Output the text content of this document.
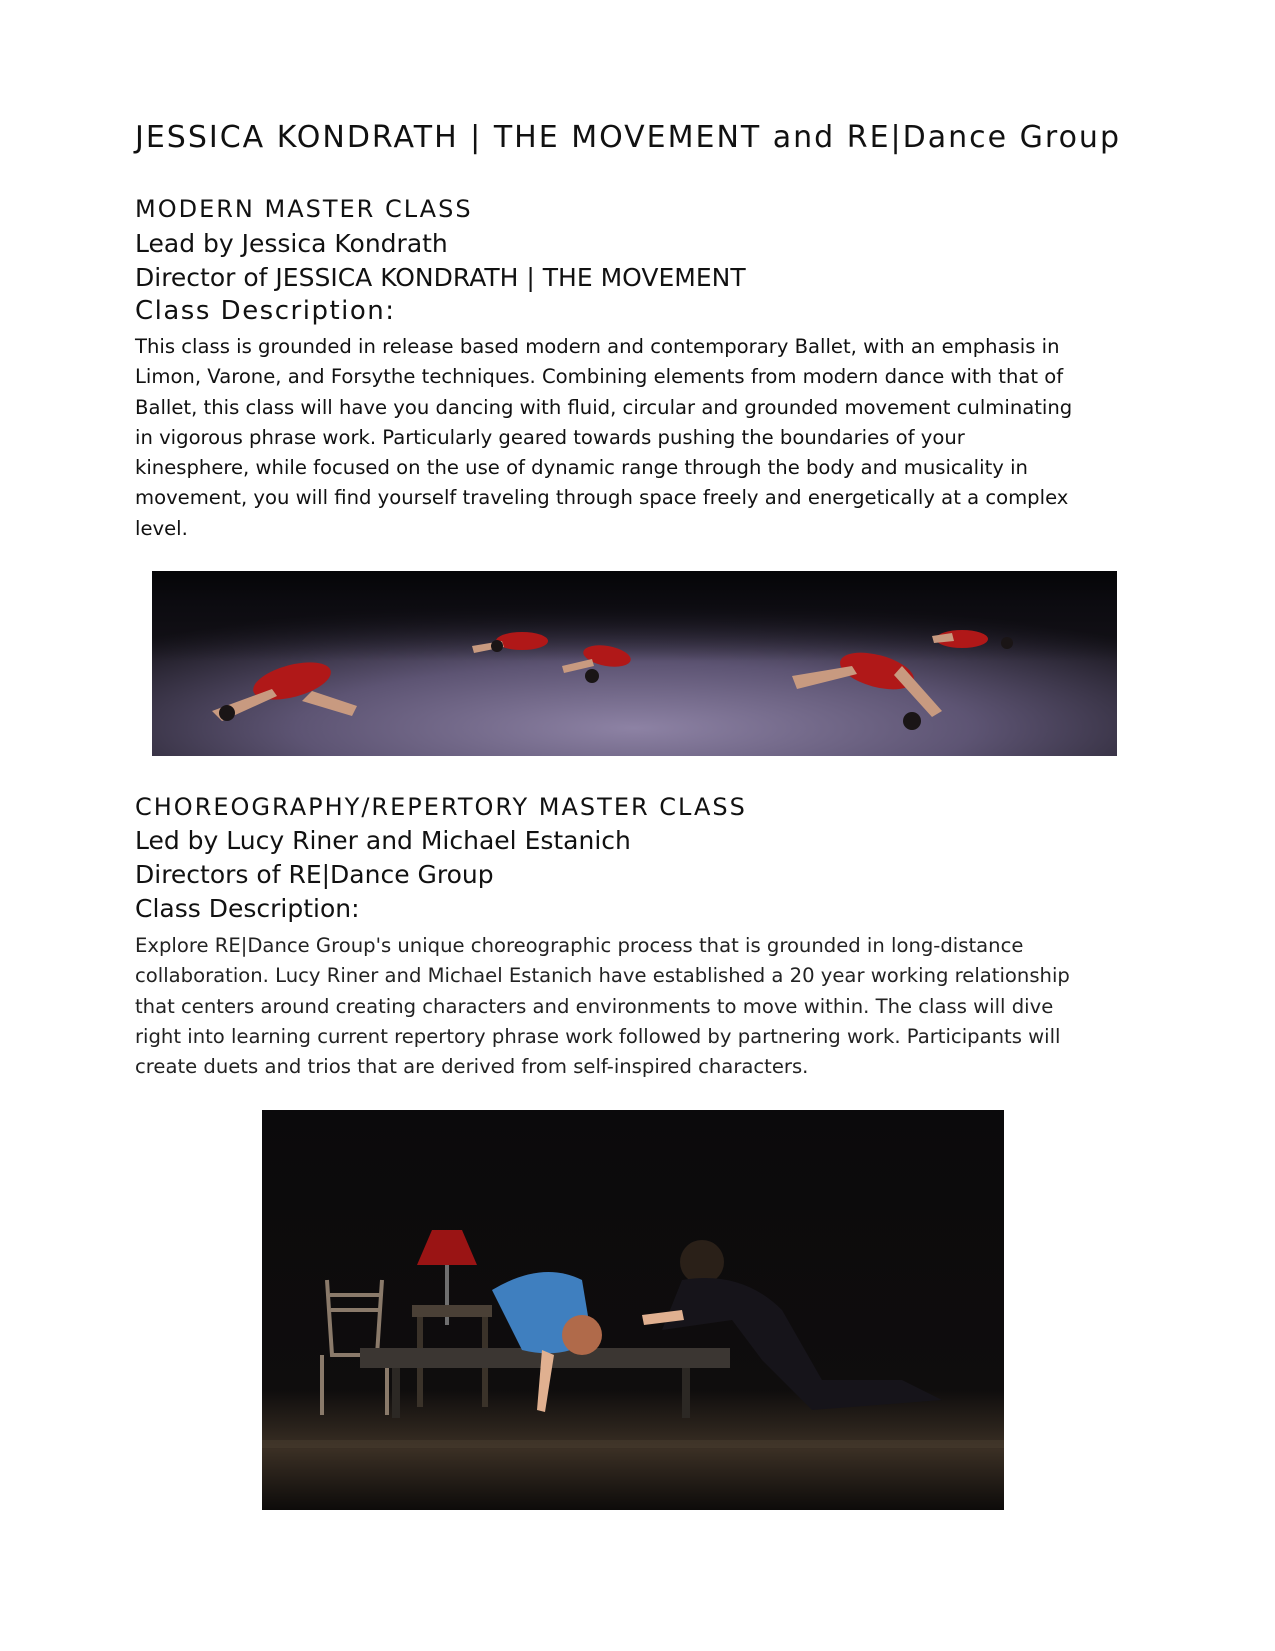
JESSICA KONDRATH | THE MOVEMENT and RE|Dance Group
MODERN MASTER CLASS
Lead by Jessica Kondrath
Director of JESSICA KONDRATH | THE MOVEMENT
Class Description:
This class is grounded in release based modern and contemporary Ballet, with an emphasis in
Limon, Varone, and Forsythe techniques. Combining elements from modern dance with that of
Ballet, this class will have you dancing with fluid, circular and grounded movement culminating
in vigorous phrase work. Particularly geared towards pushing the boundaries of your
kinesphere, while focused on the use of dynamic range through the body and musicality in
movement, you will find yourself traveling through space freely and energetically at a complex
level.
CHOREOGRAPHY/REPERTORY MASTER CLASS
Led by Lucy Riner and Michael Estanich
Directors of RE|Dance Group
Class Description:
Explore RE|Dance Group's unique choreographic process that is grounded in long-distance
collaboration. Lucy Riner and Michael Estanich have established a 20 year working relationship
that centers around creating characters and environments to move within. The class will dive
right into learning current repertory phrase work followed by partnering work. Participants will
create duets and trios that are derived from self-inspired characters.
